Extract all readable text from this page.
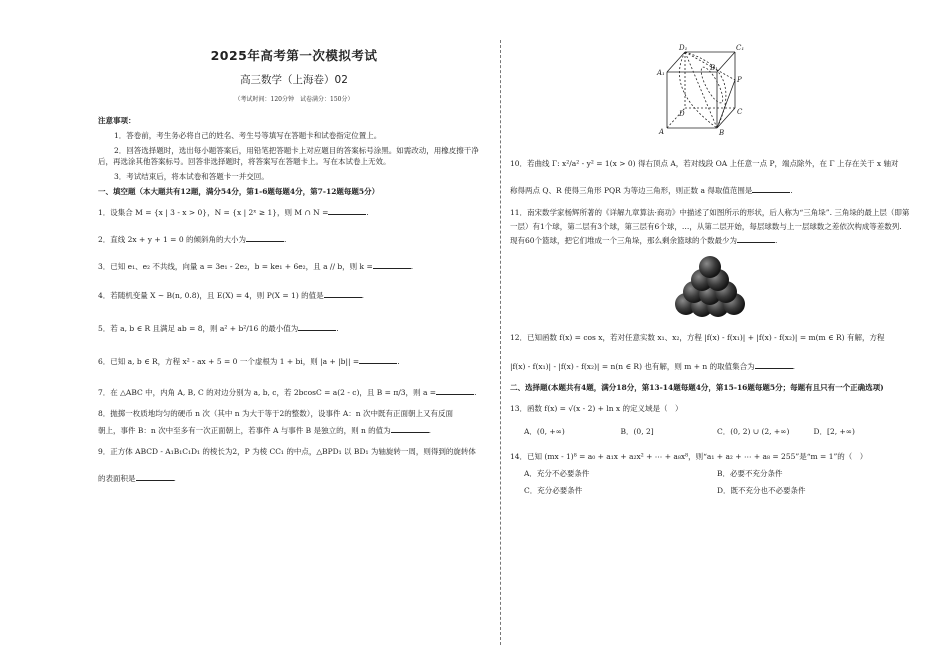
2025年高考第一次模拟考试
高三数学（上海卷）02
（考试时间：120分钟　试卷满分：150分）
注意事项：
1．答卷前，考生务必将自己的姓名、考生号等填写在答题卡和试卷指定位置上。
2．回答选择题时，选出每小题答案后，用铅笔把答题卡上对应题目的答案标号涂黑。如需改动，用橡皮擦干净后，再选涂其他答案标号。回答非选择题时，将答案写在答题卡上。写在本试卷上无效。
3．考试结束后，将本试卷和答题卡一并交回。
一、填空题（本大题共有12题，满分54分，第1-6题每题4分，第7-12题每题5分）
1．设集合 M = {x | 3 - x > 0}，N = {x | 2ˣ ≥ 1}，则 M ∩ N =	.
2．直线 2x + y + 1 = 0 的倾斜角的大小为	.
3．已知 e₁、e₂ 不共线，向量 a = 3e₁ - 2e₂，b = ke₁ + 6e₂，且 a // b，则 k =	.
4．若随机变量 X ~ B(n, 0.8)，且 E(X) = 4，则 P(X = 1) 的值是	.
5．若 a, b ∈ R 且满足 ab = 8，则 a² + b²/16 的最小值为	.
6．已知 a, b ∈ R，方程 x² - ax + 5 = 0 一个虚根为 1 + bi，则 |a + |b|| =	.
7．在 △ABC 中，内角 A, B, C 的对边分别为 a, b, c，若 2bcosC = a(2 - c)，且 B = π/3，则 a =	.

8．抛掷一枚质地均匀的硬币 n 次（其中 n 为大于等于2的整数），设事件 A：n 次中既有正面朝上又有反面

朝上，事件 B：n 次中至多有一次正面朝上，若事件 A 与事件 B 是独立的，则 n 的值为	.

9．正方体 ABCD - A₁B₁C₁D₁ 的棱长为2，P 为棱 CC₁ 的中点，△BPD₁ 以 BD₁ 为轴旋转一周，则得到的旋转体

的表面积是	.

D₁	C₁
A₁
B₁
P
D	C
A	B

10．若曲线 Γ: x²/a² - y² = 1(x > 0) 得右顶点 A，若对线段 OA 上任意一点 P，端点除外，在 Γ 上存在关于 x 轴对

称得两点 Q、R 使得三角形 PQR 为等边三角形，则正数 a 得取值范围是	.

11．南宋数学家杨辉所著的《详解九章算法·商功》中描述了如图所示的形状，后人称为“三角垛”. 三角垛的最上层（即第一层）有1个球，第二层有3个球，第三层有6个球，…，从第二层开始，每层球数与上一层球数之差依次构成等差数列. 现有60个篮球，把它们堆成一个三角垛，那么剩余篮球的个数最少为	.

12．已知函数 f(x) = cos x，若对任意实数 x₁、x₂，方程 |f(x) - f(x₁)| + |f(x) - f(x₂)| = m(m ∈ R) 有解，方程

|f(x) - f(x₁)| - |f(x) - f(x₂)| = n(n ∈ R) 也有解，则 m + n 的取值集合为	.

二、选择题(本题共有4题，满分18分，第13-14题每题4分，第15-16题每题5分；每题有且只有一个正确选项)

13．函数 f(x) = √(x - 2) + ln x 的定义域是（　）

A．(0, +∞)	B．(0, 2]	C．(0, 2) ∪ (2, +∞)	D．[2, +∞)

14．已知 (mx - 1)⁸ = a₀ + a₁x + a₂x² + ⋯ + a₈x⁸，则“a₁ + a₂ + ⋯ + a₈ = 255”是“m = 1”的（　）

A．充分不必要条件	B．必要不充分条件
C．充分必要条件	D．既不充分也不必要条件
